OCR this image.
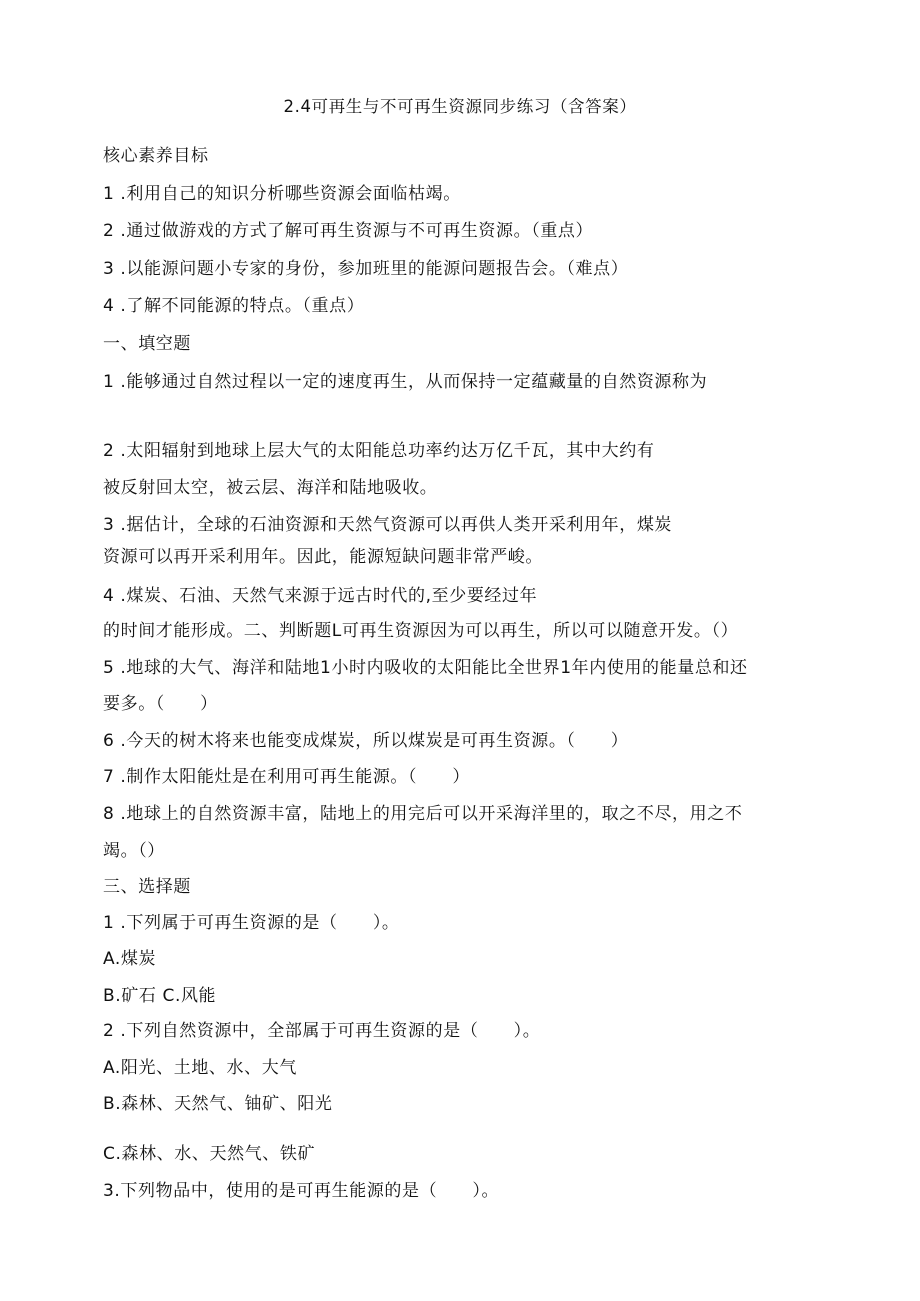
2.4可再生与不可再生资源同步练习（含答案）
核心素养目标
1 .利用自己的知识分析哪些资源会面临枯竭。
2 .通过做游戏的方式了解可再生资源与不可再生资源。（重点）
3 .以能源问题小专家的身份，参加班里的能源问题报告会。（难点）
4 .了解不同能源的特点。（重点）
一、填空题
1 .能够通过自然过程以一定的速度再生，从而保持一定蕴藏量的自然资源称为
2 .太阳辐射到地球上层大气的太阳能总功率约达万亿千瓦，其中大约有
被反射回太空，被云层、海洋和陆地吸收。
3 .据估计，全球的石油资源和天然气资源可以再供人类开采利用年，煤炭
资源可以再开采利用年。因此，能源短缺问题非常严峻。
4 .煤炭、石油、天然气来源于远古时代的,至少要经过年
的时间才能形成。二、判断题L可再生资源因为可以再生，所以可以随意开发。（）
5 .地球的大气、海洋和陆地1小时内吸收的太阳能比全世界1年内使用的能量总和还
要多。（　　）
6 .今天的树木将来也能变成煤炭，所以煤炭是可再生资源。（　　）
7 .制作太阳能灶是在利用可再生能源。（　　）
8 .地球上的自然资源丰富，陆地上的用完后可以开采海洋里的，取之不尽，用之不
竭。（）
三、选择题
1 .下列属于可再生资源的是（　　）。
A.煤炭
B.矿石 C.风能
2 .下列自然资源中，全部属于可再生资源的是（　　）。
A.阳光、土地、水、大气
B.森林、天然气、铀矿、阳光
C.森林、水、天然气、铁矿
3.下列物品中，使用的是可再生能源的是（　　）。
